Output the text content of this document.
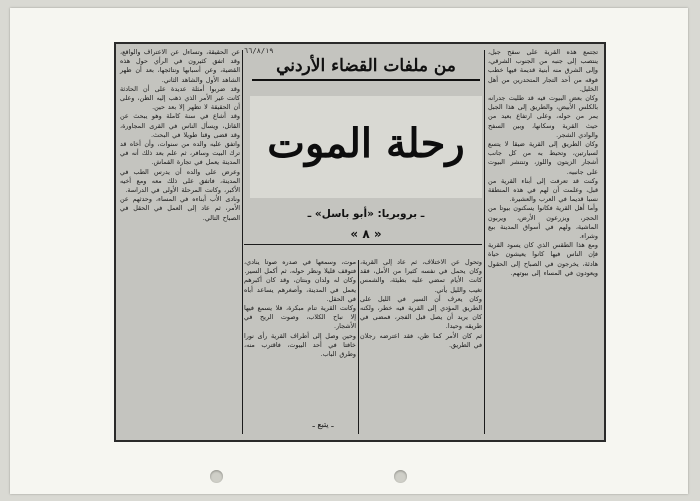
٦٦/٨/١٩
من ملفات القضاء الأردني
رحلة الموت
ـ بروبريا: «أبو باسل» ـ
« ٨ »

تجتمع هذه القرية على سفح جبل، ينتصب إلى جنبه من الجنوب الشرقي، وإلى الشرق منه أبنية قديمة فيها خطب فوقه من أحد التجار المتحدرين من أهل الخليل.

وكان بعض البيوت فيه قد طليت جدرانه بالكلس الأبيض، والطريق إلى هذا الجبل يمر من حوله، وعلى ارتفاع بعيد من حيث القرية وسكانها، وبين السفح والوادي الشجر.

وكان الطريق إلى القرية ضيقا لا يتسع لسيارتين، وتحيط به من كل جانب أشجار الزيتون واللوز، وتنتشر البيوت على جانبيه.

وكنت قد تعرفت إلى أبناء القرية من قبل، وعلمت أن لهم في هذه المنطقة نسبا قديما في العرب والعشيرة.

وأما أهل القرية فكانوا يسكنون بيوتا من الحجر، ويزرعون الأرض، ويربون الماشية، ولهم في أسواق المدينة بيع وشراء.

ومع هذا الطقس الذي كان يسود القرية فإن الناس فيها كانوا يعيشون حياة هادئة، يخرجون في الصباح إلى الحقول ويعودون في المساء إلى بيوتهم.

عن الحقيقة، وتساءل عن الاعتراف والواقع، وقد اتفق كثيرون في الرأي حول هذه القضية، وعن أسبابها ونتائجها، بعد أن ظهر الشاهد الأول والشاهد الثاني.

وقد ضربوا أمثلة عديدة على أن الحادثة كانت غير الأمر الذي ذهب إليه الظن، وعلى أن الحقيقة لا تظهر إلا بعد حين.

وقد أشاع في سنة كاملة وهو يبحث عن القاتل، ويسأل الناس في القرى المجاورة، وقد قضى وقتا طويلا في البحث.

واتفق عليه والده من سنوات، وأن أخاه قد ترك البيت وسافر، ثم علم بعد ذلك أنه في المدينة يعمل في تجارة القماش.

وعرض على والده أن يدرس الطب في المدينة، فاتفق على ذلك معه ومع أخيه الأكبر، وكانت المرحلة الأولى في الدراسة.

ونادى الأب أبناءه في المساء، وحدثهم عن الأمر، ثم عاد إلى العمل في الحقل في الصباح التالي.

وتحول عن الاختلاف، ثم عاد إلى القرية، وكان يحمل في نفسه كثيرا من الأمل، فقد كانت الأيام تمضي عليه بطيئة، والشمس تغيب والليل يأتي.

وكان يعرف أن السير في الليل على الطريق المؤدي إلى القرية فيه خطر، ولكنه كان يريد أن يصل قبل الفجر، فمضى في طريقه وحيدا.

ثم كان الأمر كما ظن، فقد اعترضه رجلان في الطريق.

موت، وسمعها في صدره صوتا ينادي، فتوقف قليلا ونظر حوله، ثم أكمل السير.

وكان له ولدان وبنتان، وقد كان أكبرهم يعمل في المدينة، وأصغرهم يساعد أباه في الحقل.

وكانت القرية تنام مبكرة، فلا يسمع فيها إلا نباح الكلاب، وصوت الريح في الأشجار.

وحين وصل إلى أطراف القرية رأى نورا خافتا في أحد البيوت، فاقترب منه، وطرق الباب.

ـ يتبع ـ
